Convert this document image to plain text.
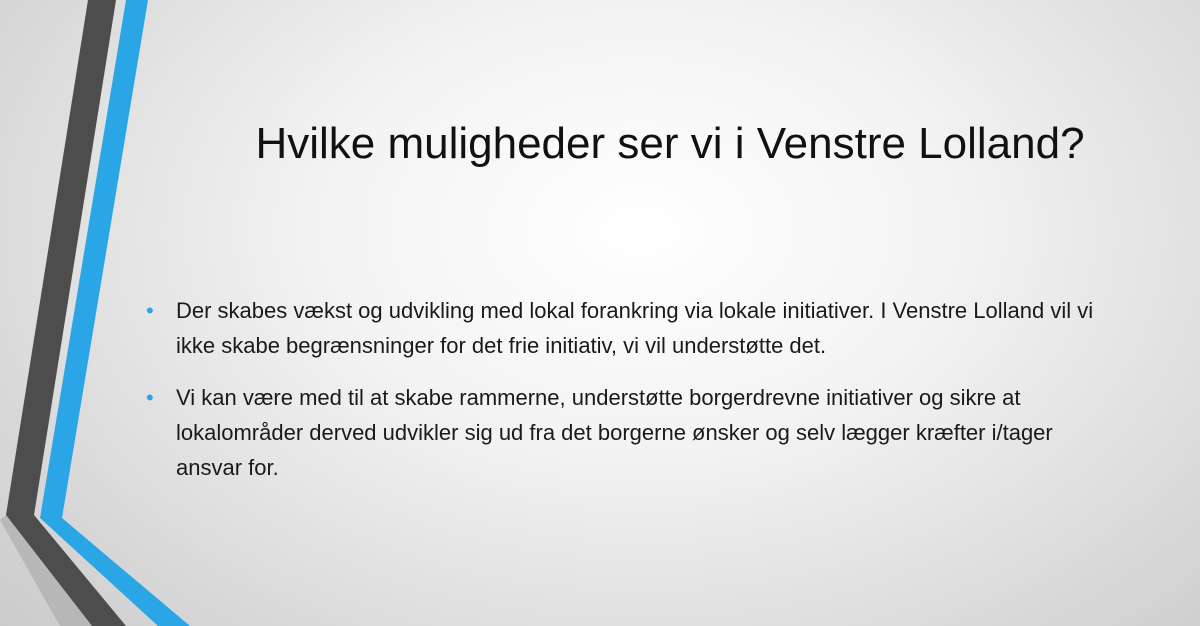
Hvilke muligheder ser vi i Venstre Lolland?
• Der skabes vækst og udvikling med lokal forankring via lokale initiativer. I Venstre Lolland vil vi ikke skabe begrænsninger for det frie initiativ, vi vil understøtte det.
• Vi kan være med til at skabe rammerne, understøtte borgerdrevne initiativer og sikre at lokalområder derved udvikler sig ud fra det borgerne ønsker og selv lægger kræfter i/tager ansvar for.
